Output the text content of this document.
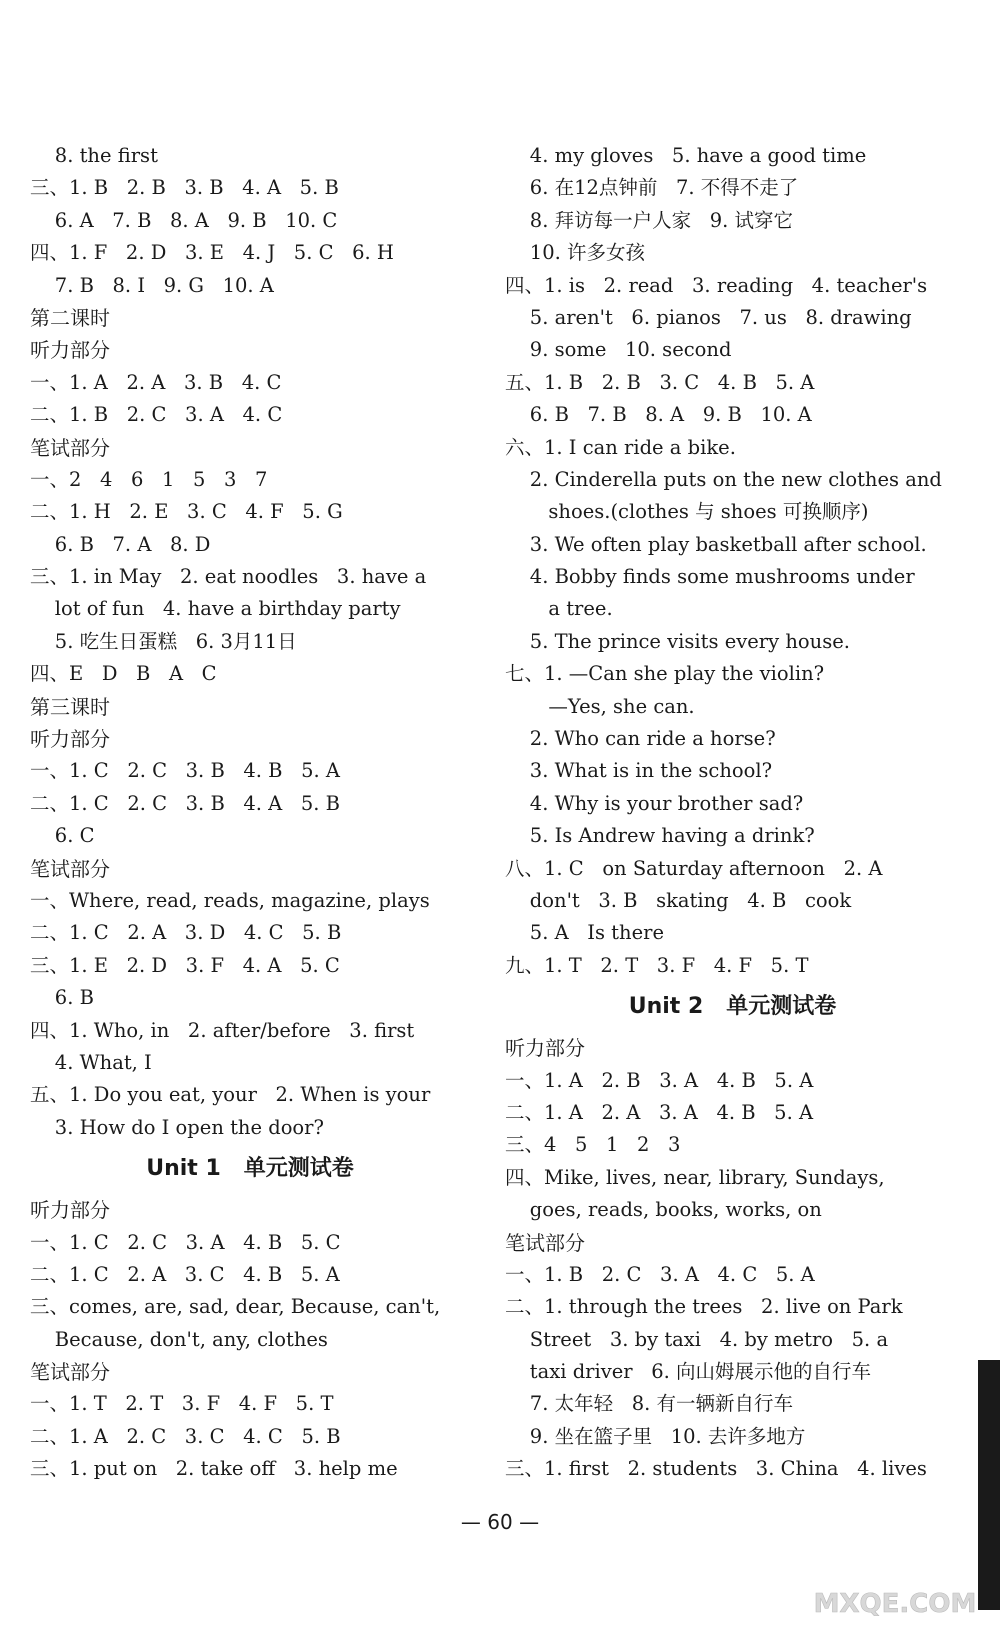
8. the first
三、1. B   2. B   3. B   4. A   5. B
6. A   7. B   8. A   9. B   10. C
四、1. F   2. D   3. E   4. J   5. C   6. H
7. B   8. I   9. G   10. A
第二课时
听力部分
一、1. A   2. A   3. B   4. C
二、1. B   2. C   3. A   4. C
笔试部分
一、2   4   6   1   5   3   7
二、1. H   2. E   3. C   4. F   5. G
6. B   7. A   8. D
三、1. in May   2. eat noodles   3. have a
lot of fun   4. have a birthday party
5. 吃生日蛋糕   6. 3月11日
四、E   D   B   A   C
第三课时
听力部分
一、1. C   2. C   3. B   4. B   5. A
二、1. C   2. C   3. B   4. A   5. B
6. C
笔试部分
一、Where, read, reads, magazine, plays
二、1. C   2. A   3. D   4. C   5. B
三、1. E   2. D   3. F   4. A   5. C
6. B
四、1. Who, in   2. after/before   3. first
4. What, I
五、1. Do you eat, your   2. When is your
3. How do I open the door?
Unit 1   单元测试卷
听力部分
一、1. C   2. C   3. A   4. B   5. C
二、1. C   2. A   3. C   4. B   5. A
三、comes, are, sad, dear, Because, can't,
Because, don't, any, clothes
笔试部分
一、1. T   2. T   3. F   4. F   5. T
二、1. A   2. C   3. C   4. C   5. B
三、1. put on   2. take off   3. help me
4. my gloves   5. have a good time
6. 在12点钟前   7. 不得不走了
8. 拜访每一户人家   9. 试穿它
10. 许多女孩
四、1. is   2. read   3. reading   4. teacher's
5. aren't   6. pianos   7. us   8. drawing
9. some   10. second
五、1. B   2. B   3. C   4. B   5. A
6. B   7. B   8. A   9. B   10. A
六、1. I can ride a bike.
2. Cinderella puts on the new clothes and
shoes.(clothes 与 shoes 可换顺序)
3. We often play basketball after school.
4. Bobby finds some mushrooms under
a tree.
5. The prince visits every house.
七、1. —Can she play the violin?
—Yes, she can.
2. Who can ride a horse?
3. What is in the school?
4. Why is your brother sad?
5. Is Andrew having a drink?
八、1. C   on Saturday afternoon   2. A
don't   3. B   skating   4. B   cook
5. A   Is there
九、1. T   2. T   3. F   4. F   5. T
Unit 2   单元测试卷
听力部分
一、1. A   2. B   3. A   4. B   5. A
二、1. A   2. A   3. A   4. B   5. A
三、4   5   1   2   3
四、Mike, lives, near, library, Sundays,
goes, reads, books, works, on
笔试部分
一、1. B   2. C   3. A   4. C   5. A
二、1. through the trees   2. live on Park
Street   3. by taxi   4. by metro   5. a
taxi driver   6. 向山姆展示他的自行车
7. 太年轻   8. 有一辆新自行车
9. 坐在篮子里   10. 去许多地方
三、1. first   2. students   3. China   4. lives
— 60 —
MXQE.COM
